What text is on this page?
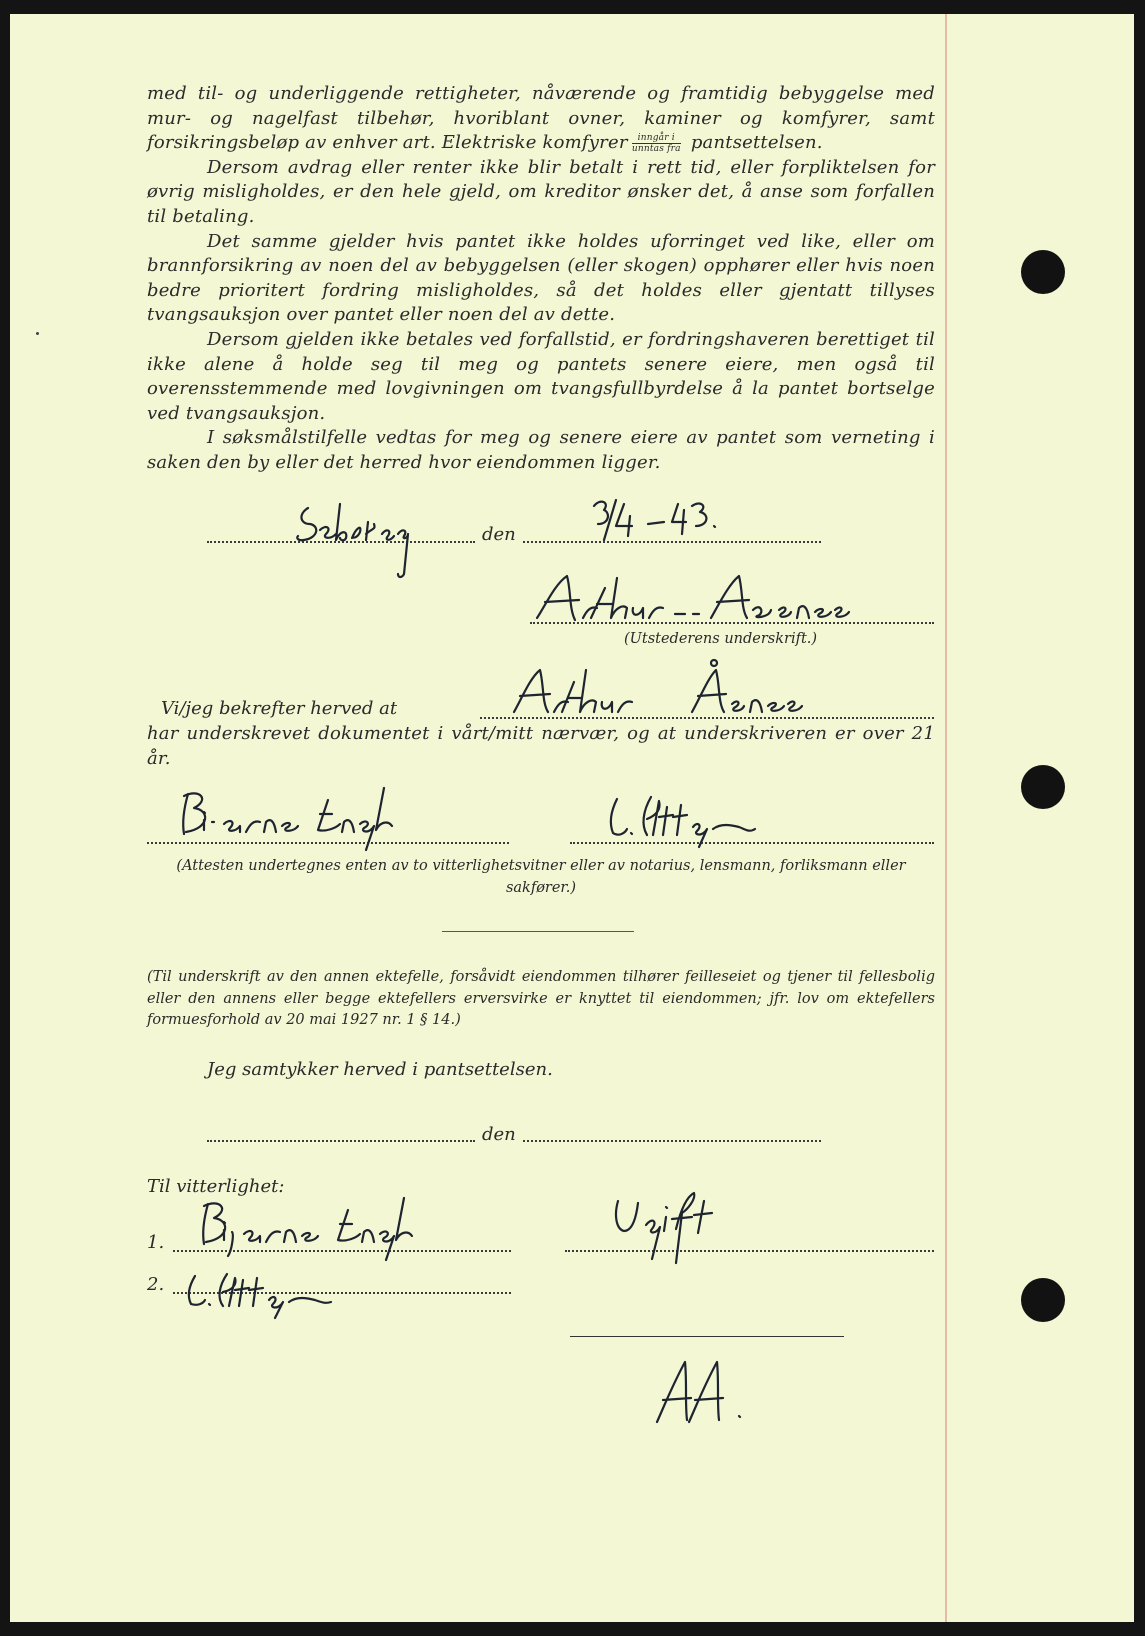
med til- og underliggende rettigheter, nåværende og framtidig bebyggelse med mur- og nagelfast tilbehør, hvoriblant ovner, kaminer og komfyrer, samt forsikringsbeløp av enhver art. Elektriske komfyrer $\frac{\text{inngår i}}{\text{unntas fra}}$ pantsettelsen.

Dersom avdrag eller renter ikke blir betalt i rett tid, eller forpliktelsen for øvrig misligholdes, er den hele gjeld, om kreditor ønsker det, å anse som forfallen til betaling.

Det samme gjelder hvis pantet ikke holdes uforringet ved like, eller om brannforsikring av noen del av bebyggelsen (eller skogen) opphører eller hvis noen bedre prioritert fordring misligholdes, så det holdes eller gjentatt tillyses tvangsauksjon over pantet eller noen del av dette.

Dersom gjelden ikke betales ved forfallstid, er fordringshaveren berettiget til ikke alene å holde seg til meg og pantets senere eiere, men også til overensstemmende med lovgivningen om tvangsfullbyrdelse å la pantet bortselge ved tvangsauksjon.

I søksmålstilfelle vedtas for meg og senere eiere av pantet som verneting i saken den by eller det herred hvor eiendommen ligger.

den
(Utstederens underskrift.)
Vi/jeg bekrefter herved at

har underskrevet dokumentet i vårt/mitt nærvær, og at underskriveren er over 21 år.

(Attesten undertegnes enten av to vitterlighetsvitner eller av notarius, lensmann, forliksmann eller sakfører.)

(Til underskrift av den annen ektefelle, forsåvidt eiendommen tilhører feilleseiet og tjener til fellesbolig eller den annens eller begge ektefellers erversvirke er knyttet til eiendommen; jfr. lov om ektefellers formuesforhold av 20 mai 1927 nr. 1 § 14.)

Jeg samtykker herved i pantsettelsen.
den
Til vitterlighet:
1.
2.
